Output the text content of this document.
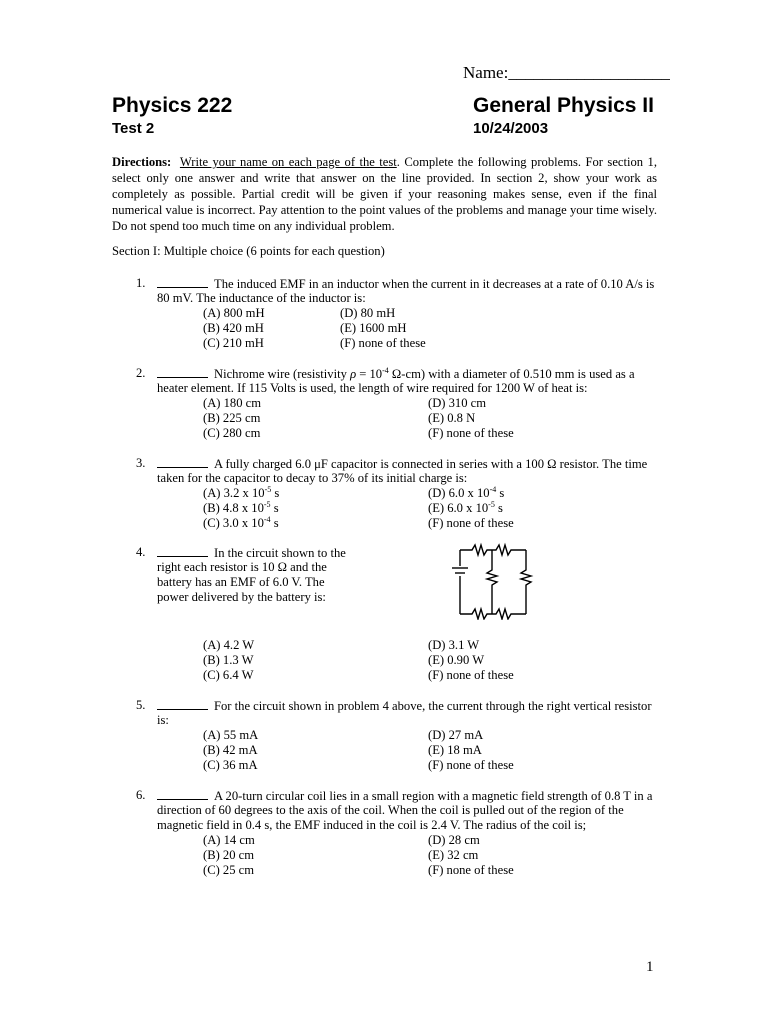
Name:___________________
Physics 222	General Physics II
Test 2	10/24/2003
Directions: Write your name on each page of the test. Complete the following problems. For section 1, select only one answer and write that answer on the line provided. In section 2, show your work as completely as possible. Partial credit will be given if your reasoning makes sense, even if the final numerical value is incorrect. Pay attention to the point values of the problems and manage your time wisely. Do not spend too much time on any individual problem.
Section I: Multiple choice (6 points for each question)
1.	The induced EMF in an inductor when the current in it decreases at a rate of 0.10 A/s is
80 mV. The inductance of the inductor is:
(A) 800 mH
(B) 420 mH
(C) 210 mH
(D) 80 mH
(E) 1600 mH
(F) none of these
2.	Nichrome wire (resistivity $\rho = 10^{-4}$ Ω-cm) with a diameter of 0.510 mm is used as a
heater element. If 115 Volts is used, the length of wire required for 1200 W of heat is:
(A) 180 cm
(B) 225 cm
(C) 280 cm
(D) 310 cm
(E) 0.8 N
(F) none of these
3.	A fully charged 6.0 μF capacitor is connected in series with a 100 Ω resistor. The time
taken for the capacitor to decay to 37% of its initial charge is:
(A) 3.2 x $10^{-5}$ s
(B) 4.8 x $10^{-5}$ s
(C) 3.0 x $10^{-4}$ s
(D) 6.0 x $10^{-4}$ s
(E) 6.0 x $10^{-5}$ s
(F) none of these
4.	In the circuit shown to the
right each resistor is 10 Ω and the
battery has an EMF of 6.0 V. The
power delivered by the battery is:
(A) 4.2 W
(B) 1.3 W
(C) 6.4 W
(D) 3.1 W
(E) 0.90 W
(F) none of these
5.	For the circuit shown in problem 4 above, the current through the right vertical resistor
is:
(A) 55 mA
(B) 42 mA
(C) 36 mA
(D) 27 mA
(E) 18 mA
(F) none of these
6.	A 20-turn circular coil lies in a small region with a magnetic field strength of 0.8 T in a
direction of 60 degrees to the axis of the coil. When the coil is pulled out of the region of the
magnetic field in 0.4 s, the EMF induced in the coil is 2.4 V. The radius of the coil is;
(A) 14 cm
(B) 20 cm
(C) 25 cm
(D) 28 cm
(E) 32 cm
(F) none of these
1
